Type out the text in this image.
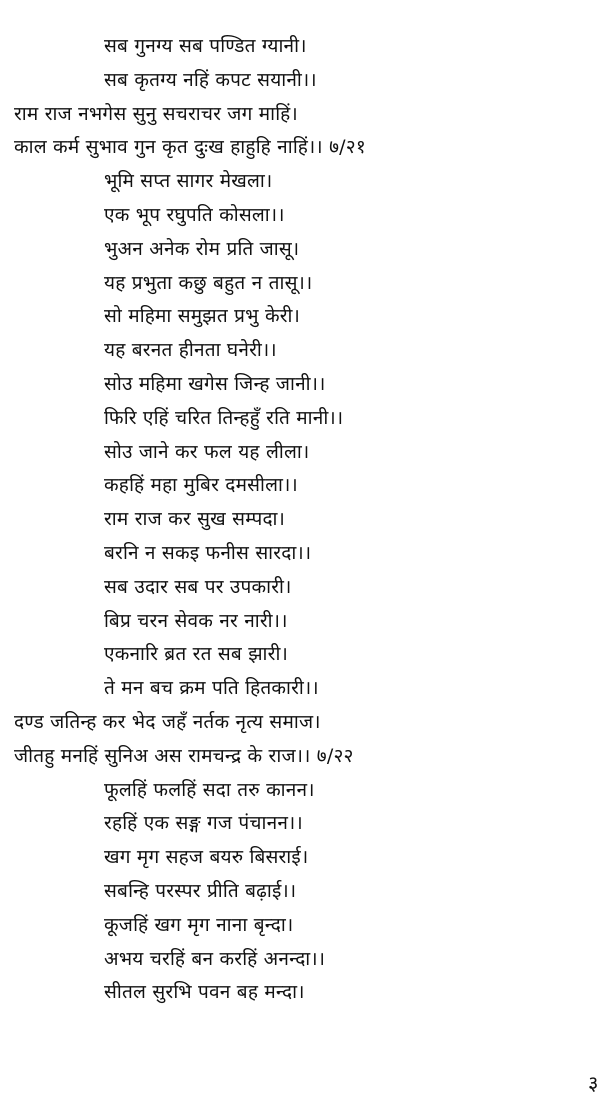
सब गुनग्य सब पण्डित ग्यानी।
सब कृतग्य नहिं कपट सयानी।।
राम राज नभगेस सुनु सचराचर जग माहिं।
काल कर्म सुभाव गुन कृत दुःख हाहुहि नाहिं।। ७/२१
भूमि सप्त सागर मेखला।
एक भूप रघुपति कोसला।।
भुअन अनेक रोम प्रति जासू।
यह प्रभुता कछु बहुत न तासू।।
सो महिमा समुझत प्रभु केरी।
यह बरनत हीनता घनेरी।।
सोउ महिमा खगेस जिन्ह जानी।।
फिरि एहिं चरित तिन्हहुँ रति मानी।।
सोउ जाने कर फल यह लीला।
कहहिं महा मुबिर दमसीला।।
राम राज कर सुख सम्पदा।
बरनि न सकइ फनीस सारदा।।
सब उदार सब पर उपकारी।
बिप्र चरन सेवक नर नारी।।
एकनारि ब्रत रत सब झारी।
ते मन बच क्रम पति हितकारी।।
दण्ड जतिन्ह कर भेद जहँ नर्तक नृत्य समाज।
जीतहु मनहिं सुनिअ अस रामचन्द्र के राज।। ७/२२
फूलहिं फलहिं सदा तरु कानन।
रहहिं एक सङ्ग गज पंचानन।।
खग मृग सहज बयरु बिसराई।
सबन्हि परस्पर प्रीति बढ़ाई।।
कूजहिं खग मृग नाना बृन्दा।
अभय चरहिं बन करहिं अनन्दा।।
सीतल सुरभि पवन बह मन्दा।
३
